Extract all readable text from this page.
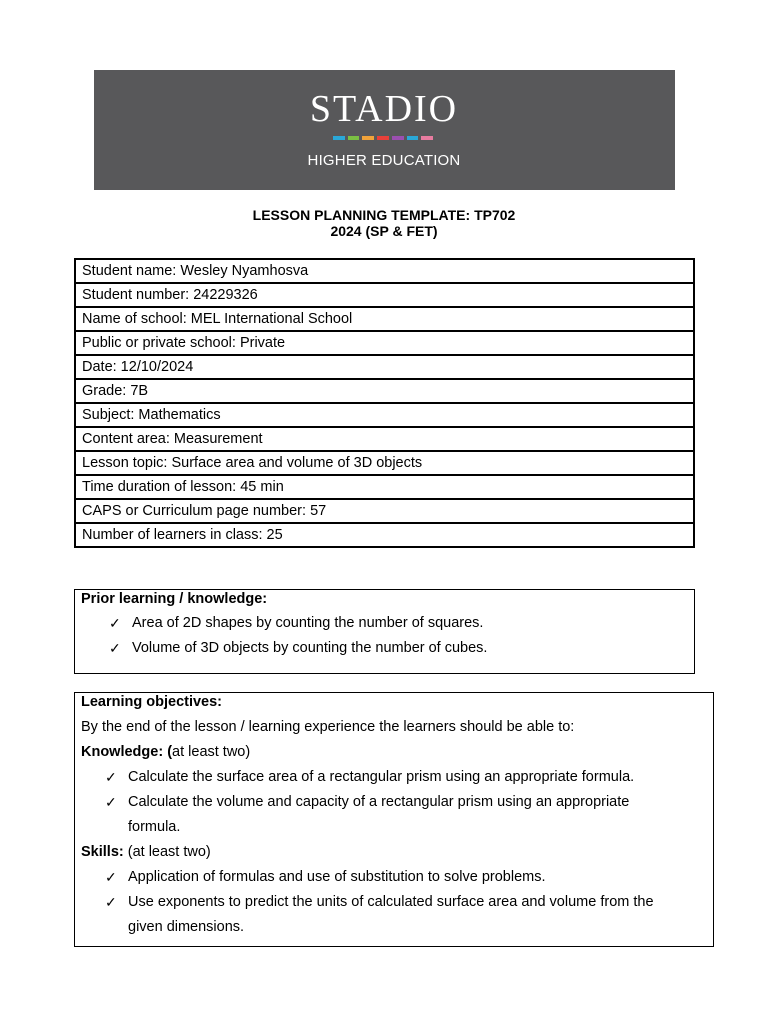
STADIO
HIGHER EDUCATION
LESSON PLANNING TEMPLATE: TP702
2024 (SP & FET)
Student name: Wesley Nyamhosva
Student number: 24229326
Name of school: MEL International School
Public or private school: Private
Date: 12/10/2024
Grade: 7B
Subject: Mathematics
Content area: Measurement
Lesson topic: Surface area and volume of 3D objects
Time duration of lesson: 45 min
CAPS or Curriculum page number: 57
Number of learners in class: 25
Prior learning / knowledge:
✓ Area of 2D shapes by counting the number of squares.
✓ Volume of 3D objects by counting the number of cubes.
Learning objectives:
By the end of the lesson / learning experience the learners should be able to:
Knowledge: (at least two)
✓ Calculate the surface area of a rectangular prism using an appropriate formula.
✓ Calculate the volume and capacity of a rectangular prism using an appropriate
formula.
Skills: (at least two)
✓ Application of formulas and use of substitution to solve problems.
✓ Use exponents to predict the units of calculated surface area and volume from the
given dimensions.
